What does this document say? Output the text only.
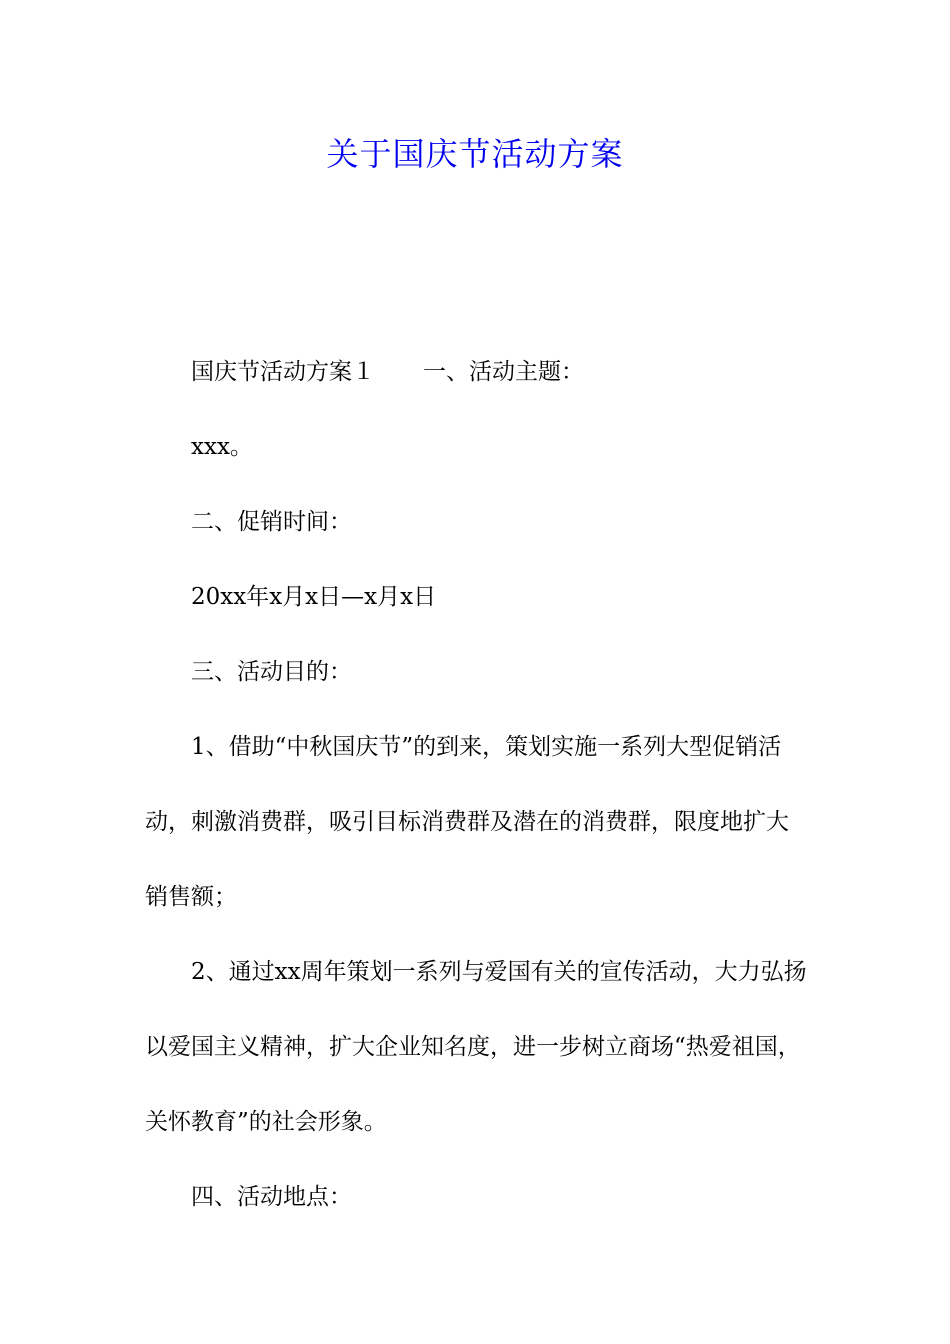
关于国庆节活动方案

国庆节活动方案１ 一、活动主题：

xxx。

二、促销时间：

20xx年x月x日—x月x日

三、活动目的：

1、借助“中秋国庆节”的到来，策划实施一系列大型促销活动，刺激消费群，吸引目标消费群及潜在的消费群，限度地扩大销售额；

2、通过xx周年策划一系列与爱国有关的宣传活动，大力弘扬以爱国主义精神，扩大企业知名度，进一步树立商场“热爱祖国，关怀教育”的社会形象。

四、活动地点：
